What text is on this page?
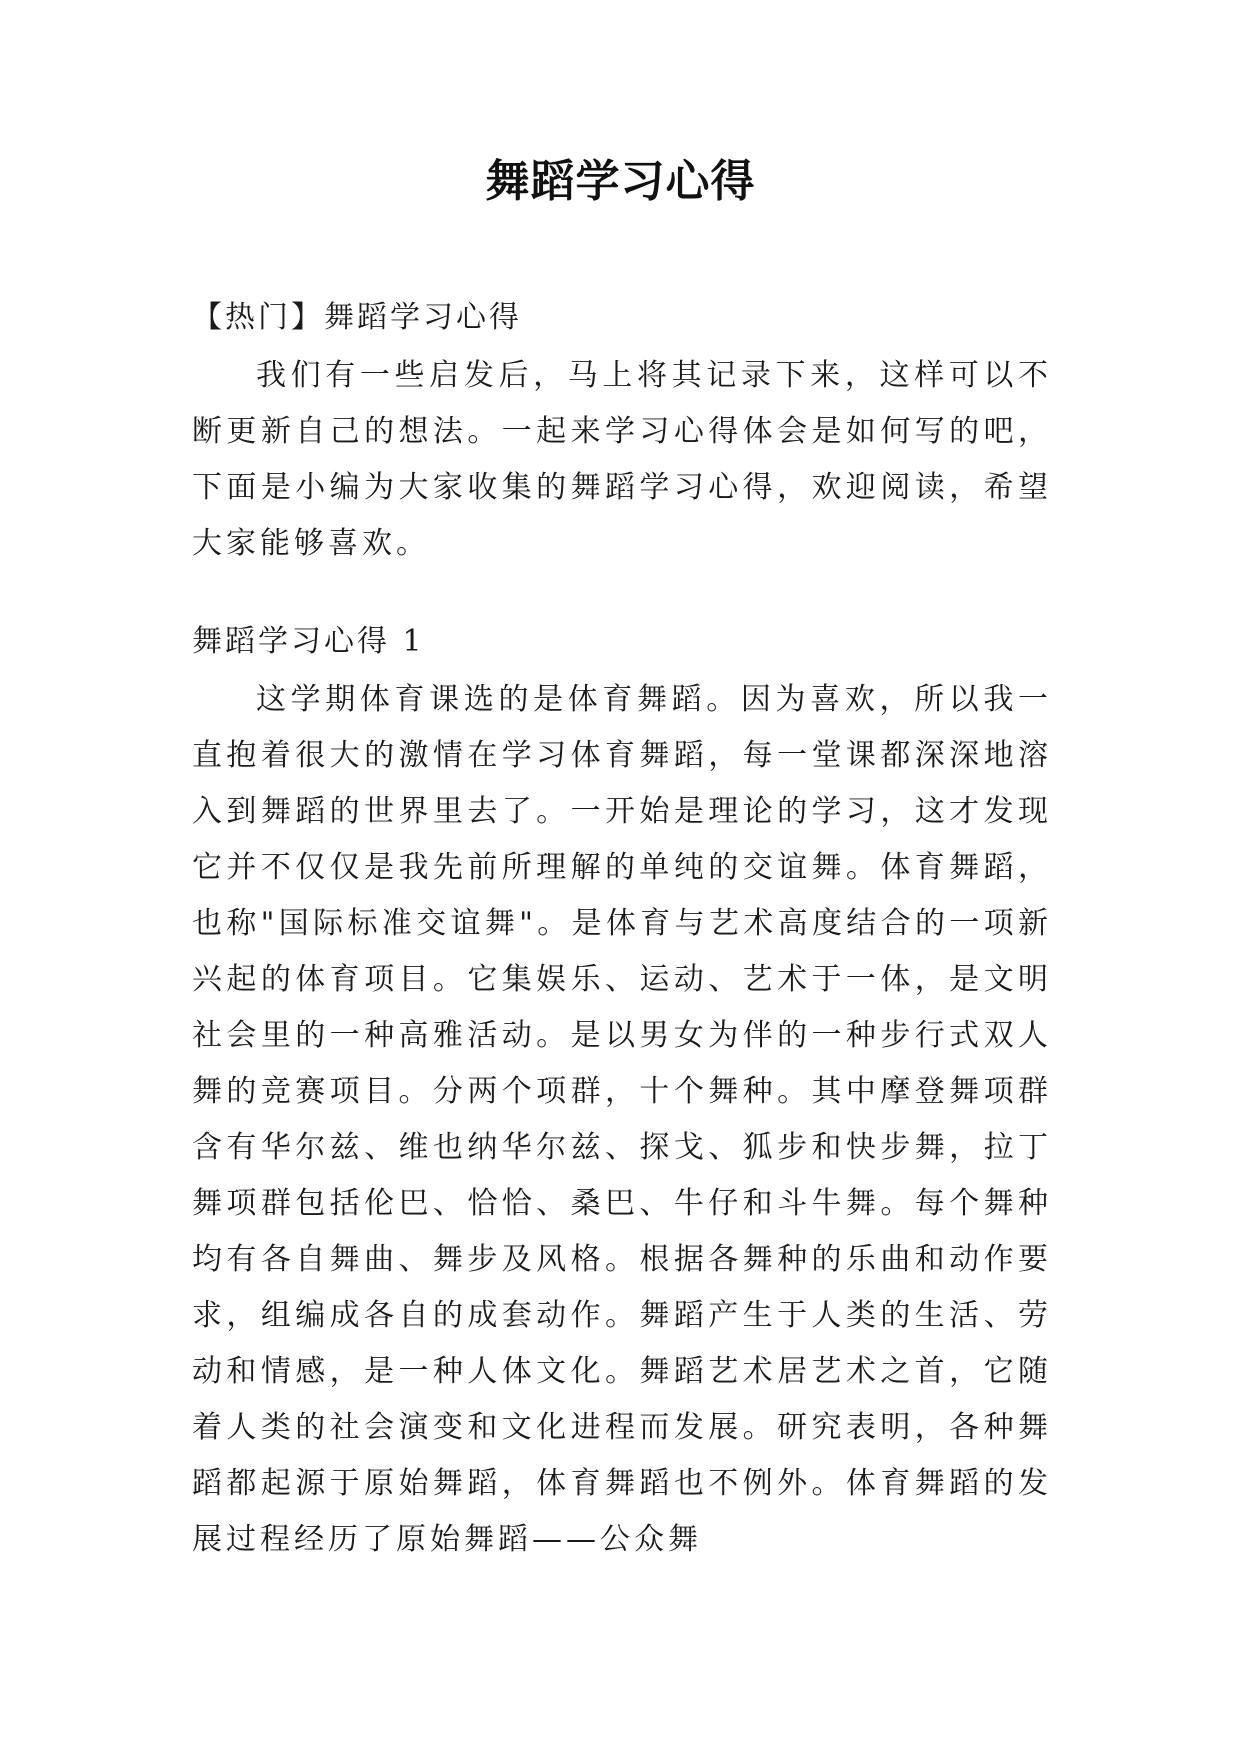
舞蹈学习心得

【热门】舞蹈学习心得

我们有一些启发后，马上将其记录下来，这样可以不断更新自己的想法。一起来学习心得体会是如何写的吧，下面是小编为大家收集的舞蹈学习心得，欢迎阅读，希望大家能够喜欢。

舞蹈学习心得 1

这学期体育课选的是体育舞蹈。因为喜欢，所以我一直抱着很大的激情在学习体育舞蹈，每一堂课都深深地溶入到舞蹈的世界里去了。一开始是理论的学习，这才发现它并不仅仅是我先前所理解的单纯的交谊舞。体育舞蹈，也称"国际标准交谊舞"。是体育与艺术高度结合的一项新兴起的体育项目。它集娱乐、运动、艺术于一体，是文明社会里的一种高雅活动。是以男女为伴的一种步行式双人舞的竞赛项目。分两个项群，十个舞种。其中摩登舞项群含有华尔兹、维也纳华尔兹、探戈、狐步和快步舞，拉丁舞项群包括伦巴、恰恰、桑巴、牛仔和斗牛舞。每个舞种均有各自舞曲、舞步及风格。根据各舞种的乐曲和动作要求，组编成各自的成套动作。舞蹈产生于人类的生活、劳动和情感，是一种人体文化。舞蹈艺术居艺术之首，它随着人类的社会演变和文化进程而发展。研究表明，各种舞蹈都起源于原始舞蹈，体育舞蹈也不例外。体育舞蹈的发展过程经历了原始舞蹈——公众舞
